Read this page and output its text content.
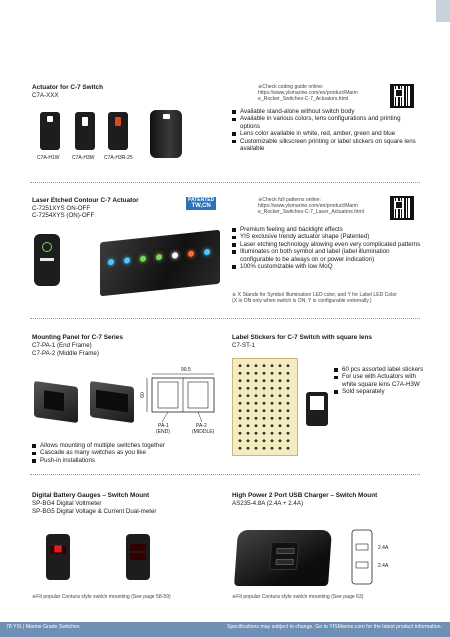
Actuator for C-7 Switch
C7A-XXX
C7A-H1W C7A-H3W C7A-H3R-25
※Check coding guide online:
https://www.ylsmarine.com/en/product/Marin
e_Rocker_Switches-C-7_Actuators.html
Available stand-alone without switch body
Available in various colors, lens configurations and printing options
Lens color available in white, red, amber, green and blue
Customizable silkscreen printing or label stickers on square lens available
Laser Etched Contour C-7 Actuator
C-7251XYS ON-OFF
C-7254XYS (ON)-OFF
PATENTED
TW,CN
※Check full patterns online:
https://www.ylsmarine.com/en/product/Marin
e_Rocker_Switches-C-7_Laser_Actuators.html
Premium feeling and backlight effects
YIS exclusive trendy actuator shape (Patented)
Laser etching technology allowing even very complicated patterns
Illuminates on both symbol and label (label illumination configurable to be always on or power indication)
100% customizable with low MoQ
※ X Stands for Symbol Illumination LED color, and Y for Label LED Color
(X is ON only when switch is ON; Y is configurable externally.)
Mounting Panel for C-7 Series
C7-PA-1 (End Frame)
C7-PA-2 (Middle Frame)
90.5
60
PA-1
(END)
PA-2
(MIDDLE)
Allows mounting of multiple switches together
Cascade as many switches as you like
Push-in installations
Label Stickers for C-7 Switch with square lens
C7-ST-1
60 pcs assorted label stickers
For use with Actuators with white square lens C7A-H3W
Sold separately
Digital Battery Gauges – Switch Mount
SP-BG4 Digital Voltmeter
SP-BG5 Digital Voltage & Current Dual-meter
▓▓
※Fit popular Contura style switch mounting (See page 58-59)
High Power 2 Port USB Charger – Switch Mount
AS235-4.8A (2.4A + 2.4A)
2.4A
2.4A
※Fit popular Contura style switch mounting (See page 63)
78 YIS | Marine Grade Switches	Specifications may subject to change. Go to YISMarine.com for the latest product information.
